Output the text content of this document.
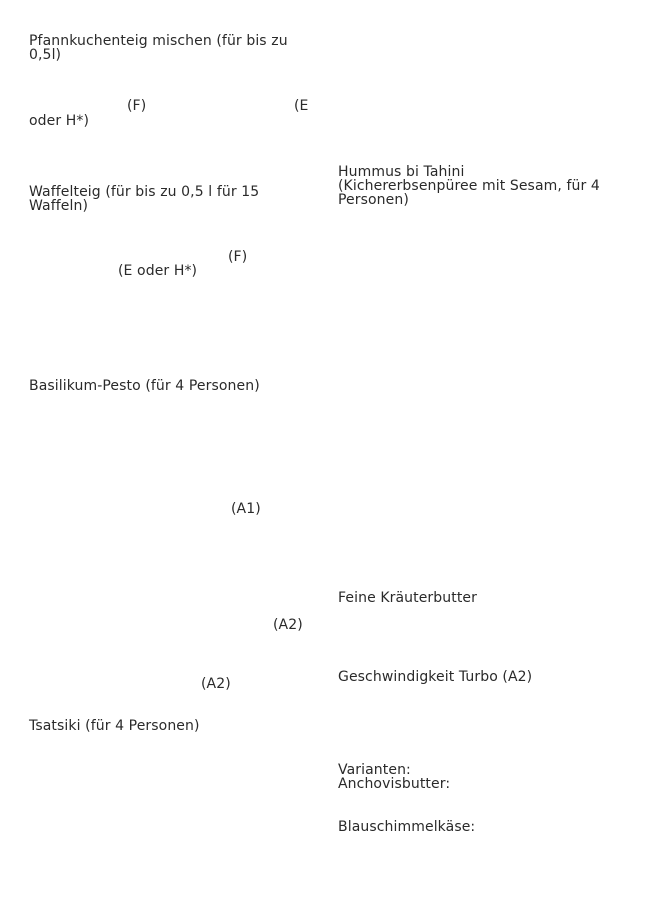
Pfannkuchenteig mischen (für bis zu 0,5l)
(F)	(E
oder H*)
Waffelteig (für bis zu 0,5 l für 15 Waffeln)
(F)
(E oder H*)
Basilikum-Pesto (für 4 Personen)
(A1)
(A2)
(A2)
Tsatsiki (für 4 Personen)
Hummus bi Tahini
(Kichererbsenpüree mit Sesam, für 4 Personen)
Feine Kräuterbutter
Geschwindigkeit Turbo (A2)
Varianten:
Anchovisbutter:
Blauschimmelkäse:
